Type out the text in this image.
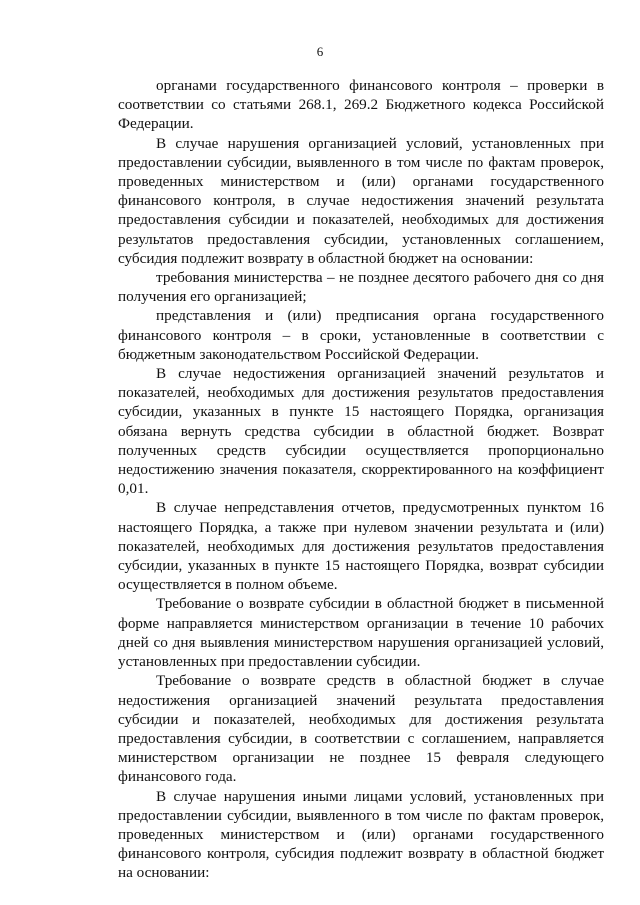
6

органами государственного финансового контроля – проверки в соответствии со статьями 268.1, 269.2 Бюджетного кодекса Российской Федерации.

В случае нарушения организацией условий, установленных при предоставлении субсидии, выявленного в том числе по фактам проверок, проведенных министерством и (или) органами государственного финансового контроля, в случае недостижения значений результата предоставления субсидии и показателей, необходимых для достижения результатов предоставления субсидии, установленных соглашением, субсидия подлежит возврату в областной бюджет на основании:

требования министерства – не позднее десятого рабочего дня со дня получения его организацией;

представления и (или) предписания органа государственного финансового контроля – в сроки, установленные в соответствии с бюджетным законодательством Российской Федерации.

В случае недостижения организацией значений результатов и показателей, необходимых для достижения результатов предоставления субсидии, указанных в пункте 15 настоящего Порядка, организация обязана вернуть средства субсидии в областной бюджет. Возврат полученных средств субсидии осуществляется пропорционально недостижению значения показателя, скорректированного на коэффициент 0,01.

В случае непредставления отчетов, предусмотренных пунктом 16 настоящего Порядка, а также при нулевом значении результата и (или) показателей, необходимых для достижения результатов предоставления субсидии, указанных в пункте 15 настоящего Порядка, возврат субсидии осуществляется в полном объеме.

Требование о возврате субсидии в областной бюджет в письменной форме направляется министерством организации в течение 10 рабочих дней со дня выявления министерством нарушения организацией условий, установленных при предоставлении субсидии.

Требование о возврате средств в областной бюджет в случае недостижения организацией значений результата предоставления субсидии и показателей, необходимых для достижения результата предоставления субсидии, в соответствии с соглашением, направляется министерством организации не позднее 15 февраля следующего финансового года.

В случае нарушения иными лицами условий, установленных при предоставлении субсидии, выявленного в том числе по фактам проверок, проведенных министерством и (или) органами государственного финансового контроля, субсидия подлежит возврату в областной бюджет на основании:
